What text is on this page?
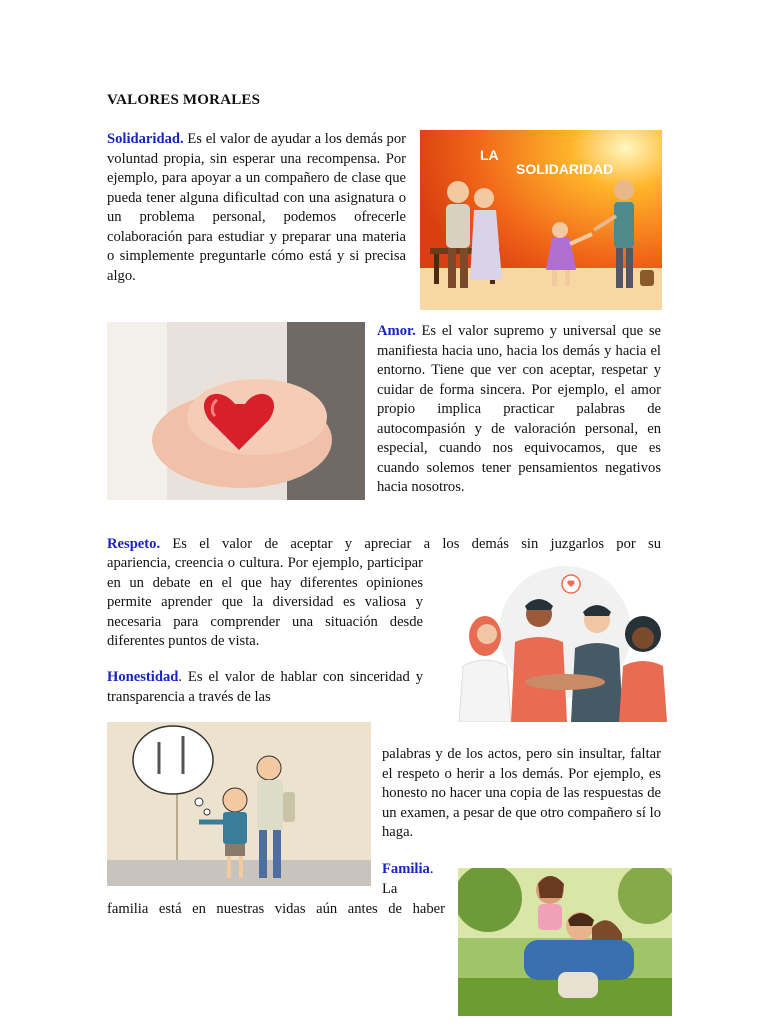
VALORES MORALES

Solidaridad. Es el valor de ayudar a los demás por voluntad propia, sin esperar una recompensa. Por ejemplo, para apoyar a un compañero de clase que pueda tener alguna dificultad con una asignatura o un problema personal, podemos ofrecerle colaboración para estudiar y preparar una materia o simplemente preguntarle cómo está y si precisa algo.

LA
SOLIDARIDAD

Amor. Es el valor supremo y universal que se manifiesta hacia uno, hacia los demás y hacia el entorno. Tiene que ver con aceptar, respetar y cuidar de forma sincera. Por ejemplo, el amor propio implica practicar palabras de autocompasión y de valoración personal, en especial, cuando nos equivocamos, que es cuando solemos tener pensamientos negativos hacia nosotros.

Respeto. Es el valor de aceptar y apreciar a los demás sin juzgarlos por su

apariencia, creencia o cultura. Por ejemplo, participar en un debate en el que hay diferentes opiniones permite aprender que la diversidad es valiosa y necesaria para comprender una situación desde diferentes puntos de vista.

Honestidad. Es el valor de hablar con sinceridad y transparencia a través de las

palabras y de los actos, pero sin insultar, faltar el respeto o herir a los demás. Por ejemplo, es honesto no hacer una copia de las respuestas de un examen, a pesar de que otro compañero sí lo haga.

Familia.
La

familia está en nuestras vidas aún antes de haber
